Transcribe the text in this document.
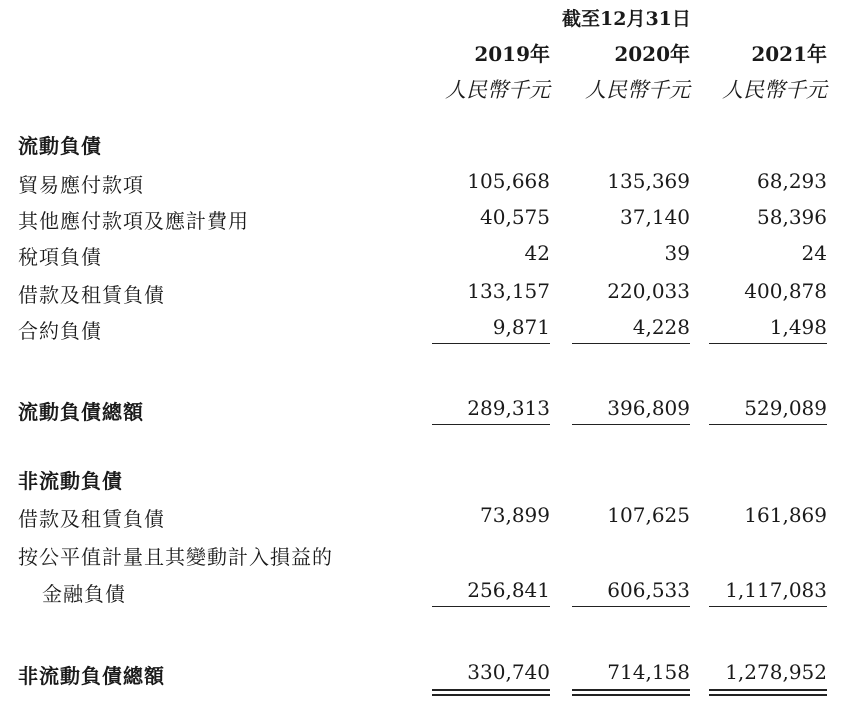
截至12月31日
2019年	2020年	2021年
人民幣千元	人民幣千元	人民幣千元
流動負債
貿易應付款項	105,668	135,369	68,293
其他應付款項及應計費用	40,575	37,140	58,396
稅項負債	42	39	24
借款及租賃負債	133,157	220,033	400,878
合約負債	9,871	4,228	1,498
流動負債總額	289,313	396,809	529,089
非流動負債
借款及租賃負債	73,899	107,625	161,869
按公平值計量且其變動計入損益的
金融負債	256,841	606,533	1,117,083
非流動負債總額	330,740	714,158	1,278,952
